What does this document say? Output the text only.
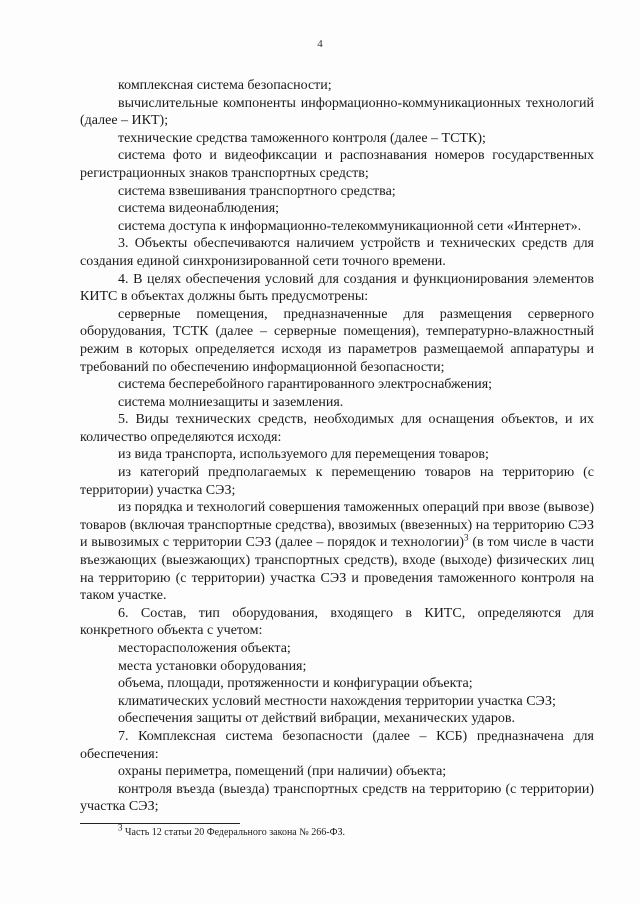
4

комплексная система безопасности;

вычислительные компоненты информационно-коммуникационных технологий (далее – ИКТ);

технические средства таможенного контроля (далее – ТСТК);

система фото и видеофиксации и распознавания номеров государственных регистрационных знаков транспортных средств;

система взвешивания транспортного средства;

система видеонаблюдения;

система доступа к информационно-телекоммуникационной сети «Интернет».

3. Объекты обеспечиваются наличием устройств и технических средств для создания единой синхронизированной сети точного времени.

4. В целях обеспечения условий для создания и функционирования элементов КИТС в объектах должны быть предусмотрены:

серверные помещения, предназначенные для размещения серверного оборудования, ТСТК (далее – серверные помещения), температурно-влажностный режим в которых определяется исходя из параметров размещаемой аппаратуры и требований по обеспечению информационной безопасности;

система бесперебойного гарантированного электроснабжения;

система молниезащиты и заземления.

5. Виды технических средств, необходимых для оснащения объектов, и их количество определяются исходя:

из вида транспорта, используемого для перемещения товаров;

из категорий предполагаемых к перемещению товаров на территорию (с территории) участка СЭЗ;

из порядка и технологий совершения таможенных операций при ввозе (вывозе) товаров (включая транспортные средства), ввозимых (ввезенных) на территорию СЭЗ и вывозимых с территории СЭЗ (далее – порядок и технологии)$^3$ (в том числе в части въезжающих (выезжающих) транспортных средств), входе (выходе) физических лиц на территорию (с территории) участка СЭЗ и проведения таможенного контроля на таком участке.

6. Состав, тип оборудования, входящего в КИТС, определяются для конкретного объекта с учетом:

месторасположения объекта;

места установки оборудования;

объема, площади, протяженности и конфигурации объекта;

климатических условий местности нахождения территории участка СЭЗ;

обеспечения защиты от действий вибрации, механических ударов.

7. Комплексная система безопасности (далее – КСБ) предназначена для обеспечения:

охраны периметра, помещений (при наличии) объекта;

контроля въезда (выезда) транспортных средств на территорию (с территории) участка СЭЗ;

$^3$ Часть 12 статьи 20 Федерального закона № 266-ФЗ.
